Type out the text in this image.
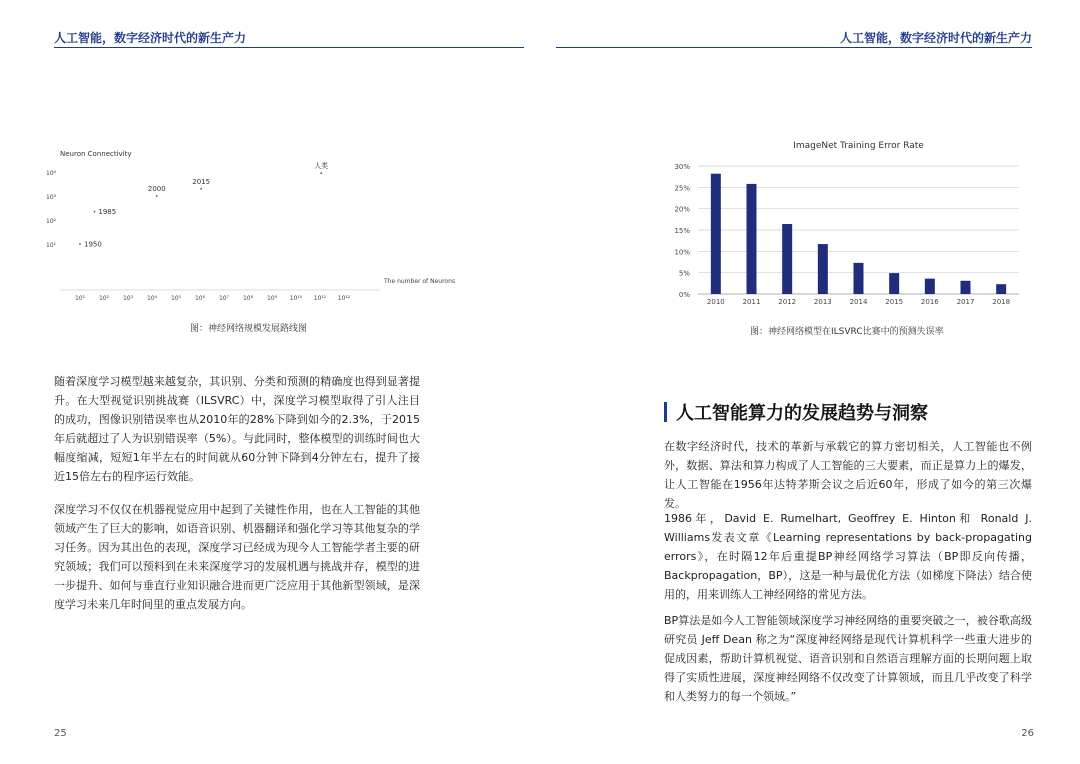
人工智能，数字经济时代的新生产力	人工智能，数字经济时代的新生产力
Neuron Connectivity
10¹
10²
10³
10⁴
10¹ 10² 10³ 10⁴ 10⁵ 10⁶ 10⁷ 10⁸ 10⁹ 10¹⁰ 10¹¹ 10¹²
The number of Neurons
1950
1985
2000
2015
人类
图：神经网络规模发展路线图
ImageNet Training Error Rate
0%
5%
10%
15%
20%
25%
30%
2010	2011	2012	2013	2014	2015	2016	2017	2018
图：神经网络模型在ILSVRC比赛中的预测失误率

随着深度学习模型越来越复杂，其识别、分类和预测的精确度也得到显著提升。在大型视觉识别挑战赛（ILSVRC）中，深度学习模型取得了引人注目的成功，图像识别错误率也从2010年的28%下降到如今的2.3%，于2015年后就超过了人为识别错误率（5%）。与此同时，整体模型的训练时间也大幅度缩减，短短1年半左右的时间就从60分钟下降到4分钟左右，提升了接近15倍左右的程序运行效能。

深度学习不仅仅在机器视觉应用中起到了关键性作用，也在人工智能的其他领域产生了巨大的影响，如语音识别、机器翻译和强化学习等其他复杂的学习任务。因为其出色的表现，深度学习已经成为现今人工智能学者主要的研究领域；我们可以预料到在未来深度学习的发展机遇与挑战并存，模型的进一步提升、如何与垂直行业知识融合进而更广泛应用于其他新型领域，是深度学习未来几年时间里的重点发展方向。

人工智能算力的发展趋势与洞察

在数字经济时代，技术的革新与承载它的算力密切相关，人工智能也不例外，数据、算法和算力构成了人工智能的三大要素，而正是算力上的爆发，让人工智能在1956年达特茅斯会议之后近60年，形成了如今的第三次爆发。

1986年，David E. Rumelhart, Geoffrey E. Hinton和 Ronald J. Williams发表文章《Learning representations by back-propagating errors》，在时隔12年后重提BP神经网络学习算法（BP即反向传播，Backpropagation，BP），这是一种与最优化方法（如梯度下降法）结合使用的，用来训练人工神经网络的常见方法。

BP算法是如今人工智能领域深度学习神经网络的重要突破之一，被谷歌高级研究员 Jeff Dean 称之为“深度神经网络是现代计算机科学一些重大进步的促成因素，帮助计算机视觉、语音识别和自然语言理解方面的长期问题上取得了实质性进展，深度神经网络不仅改变了计算领域，而且几乎改变了科学和人类努力的每一个领域。”

25	26
